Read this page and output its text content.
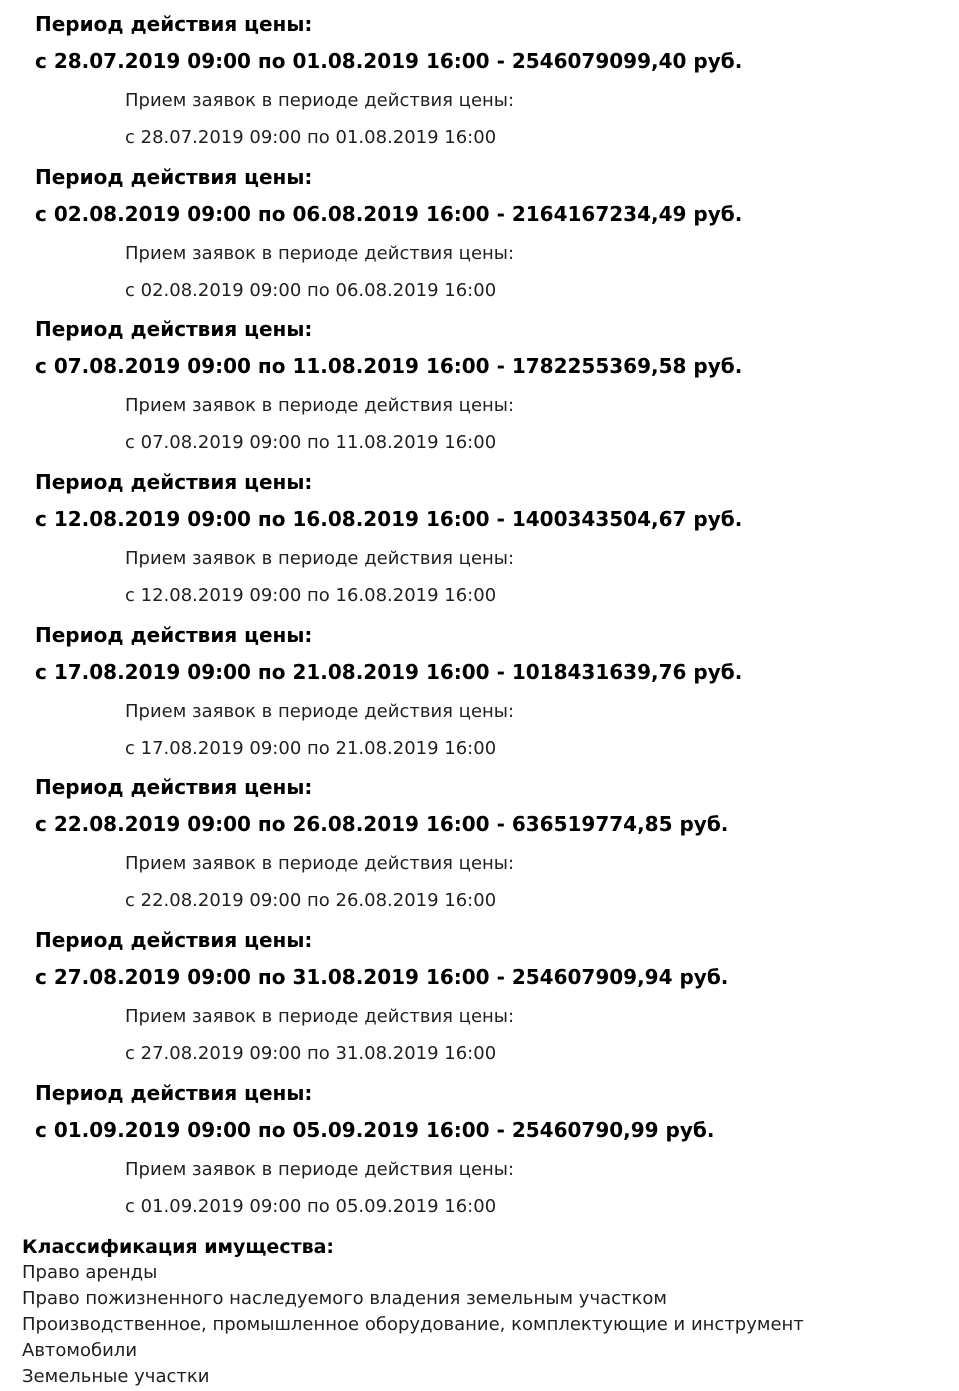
Период действия цены:
с 28.07.2019 09:00 по 01.08.2019 16:00 - 2546079099,40 руб.
Прием заявок в периоде действия цены:
с 28.07.2019 09:00 по 01.08.2019 16:00
Период действия цены:
с 02.08.2019 09:00 по 06.08.2019 16:00 - 2164167234,49 руб.
Прием заявок в периоде действия цены:
с 02.08.2019 09:00 по 06.08.2019 16:00
Период действия цены:
с 07.08.2019 09:00 по 11.08.2019 16:00 - 1782255369,58 руб.
Прием заявок в периоде действия цены:
с 07.08.2019 09:00 по 11.08.2019 16:00
Период действия цены:
с 12.08.2019 09:00 по 16.08.2019 16:00 - 1400343504,67 руб.
Прием заявок в периоде действия цены:
с 12.08.2019 09:00 по 16.08.2019 16:00
Период действия цены:
с 17.08.2019 09:00 по 21.08.2019 16:00 - 1018431639,76 руб.
Прием заявок в периоде действия цены:
с 17.08.2019 09:00 по 21.08.2019 16:00
Период действия цены:
с 22.08.2019 09:00 по 26.08.2019 16:00 - 636519774,85 руб.
Прием заявок в периоде действия цены:
с 22.08.2019 09:00 по 26.08.2019 16:00
Период действия цены:
с 27.08.2019 09:00 по 31.08.2019 16:00 - 254607909,94 руб.
Прием заявок в периоде действия цены:
с 27.08.2019 09:00 по 31.08.2019 16:00
Период действия цены:
с 01.09.2019 09:00 по 05.09.2019 16:00 - 25460790,99 руб.
Прием заявок в периоде действия цены:
с 01.09.2019 09:00 по 05.09.2019 16:00
Классификация имущества:
Право аренды
Право пожизненного наследуемого владения земельным участком
Производственное, промышленное оборудование, комплектующие и инструмент
Автомобили
Земельные участки
